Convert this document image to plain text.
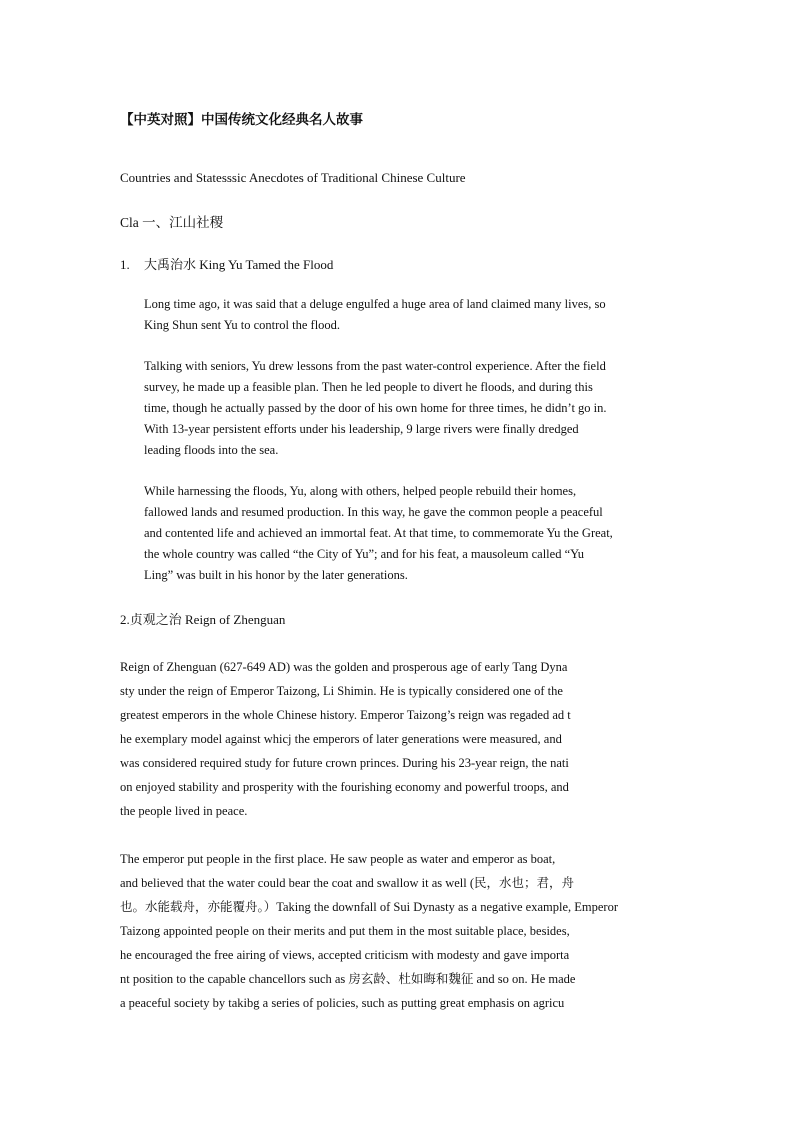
【中英对照】中国传统文化经典名人故事
Countries and Statesssic Anecdotes of Traditional Chinese Culture
Cla 一、江山社稷
1. 大禹治水 King Yu Tamed the Flood
Long time ago, it was said that a deluge engulfed a huge area of land claimed many lives, so
King Shun sent Yu to control the flood.
Talking with seniors, Yu drew lessons from the past water-control experience. After the field
survey, he made up a feasible plan. Then he led people to divert he floods, and during this
time, though he actually passed by the door of his own home for three times, he didn’t go in.
With 13-year persistent efforts under his leadership, 9 large rivers were finally dredged
leading floods into the sea.
While harnessing the floods, Yu, along with others, helped people rebuild their homes,
fallowed lands and resumed production. In this way, he gave the common people a peaceful
and contented life and achieved an immortal feat. At that time, to commemorate Yu the Great,
the whole country was called “the City of Yu”; and for his feat, a mausoleum called “Yu
Ling” was built in his honor by the later generations.
2.贞观之治 Reign of Zhenguan
Reign of Zhenguan (627-649 AD) was the golden and prosperous age of early Tang Dyna
sty under the reign of Emperor Taizong, Li Shimin. He is typically considered one of the
greatest emperors in the whole Chinese history. Emperor Taizong’s reign was regaded ad t
he exemplary model against whicj the emperors of later generations were measured, and
was considered required study for future crown princes. During his 23-year reign, the nati
on enjoyed stability and prosperity with the fourishing economy and powerful troops, and
the people lived in peace.
The emperor put people in the first place. He saw people as water and emperor as boat,
and believed that the water could bear the coat and swallow it as well (民，水也；君，舟
也。水能载舟，亦能覆舟。）Taking the downfall of Sui Dynasty as a negative example, Emperor
Taizong appointed people on their merits and put them in the most suitable place, besides,
he encouraged the free airing of views, accepted criticism with modesty and gave importa
nt position to the capable chancellors such as 房玄龄、杜如晦和魏征 and so on. He made
a peaceful society by takibg a series of policies, such as putting great emphasis on agricu
